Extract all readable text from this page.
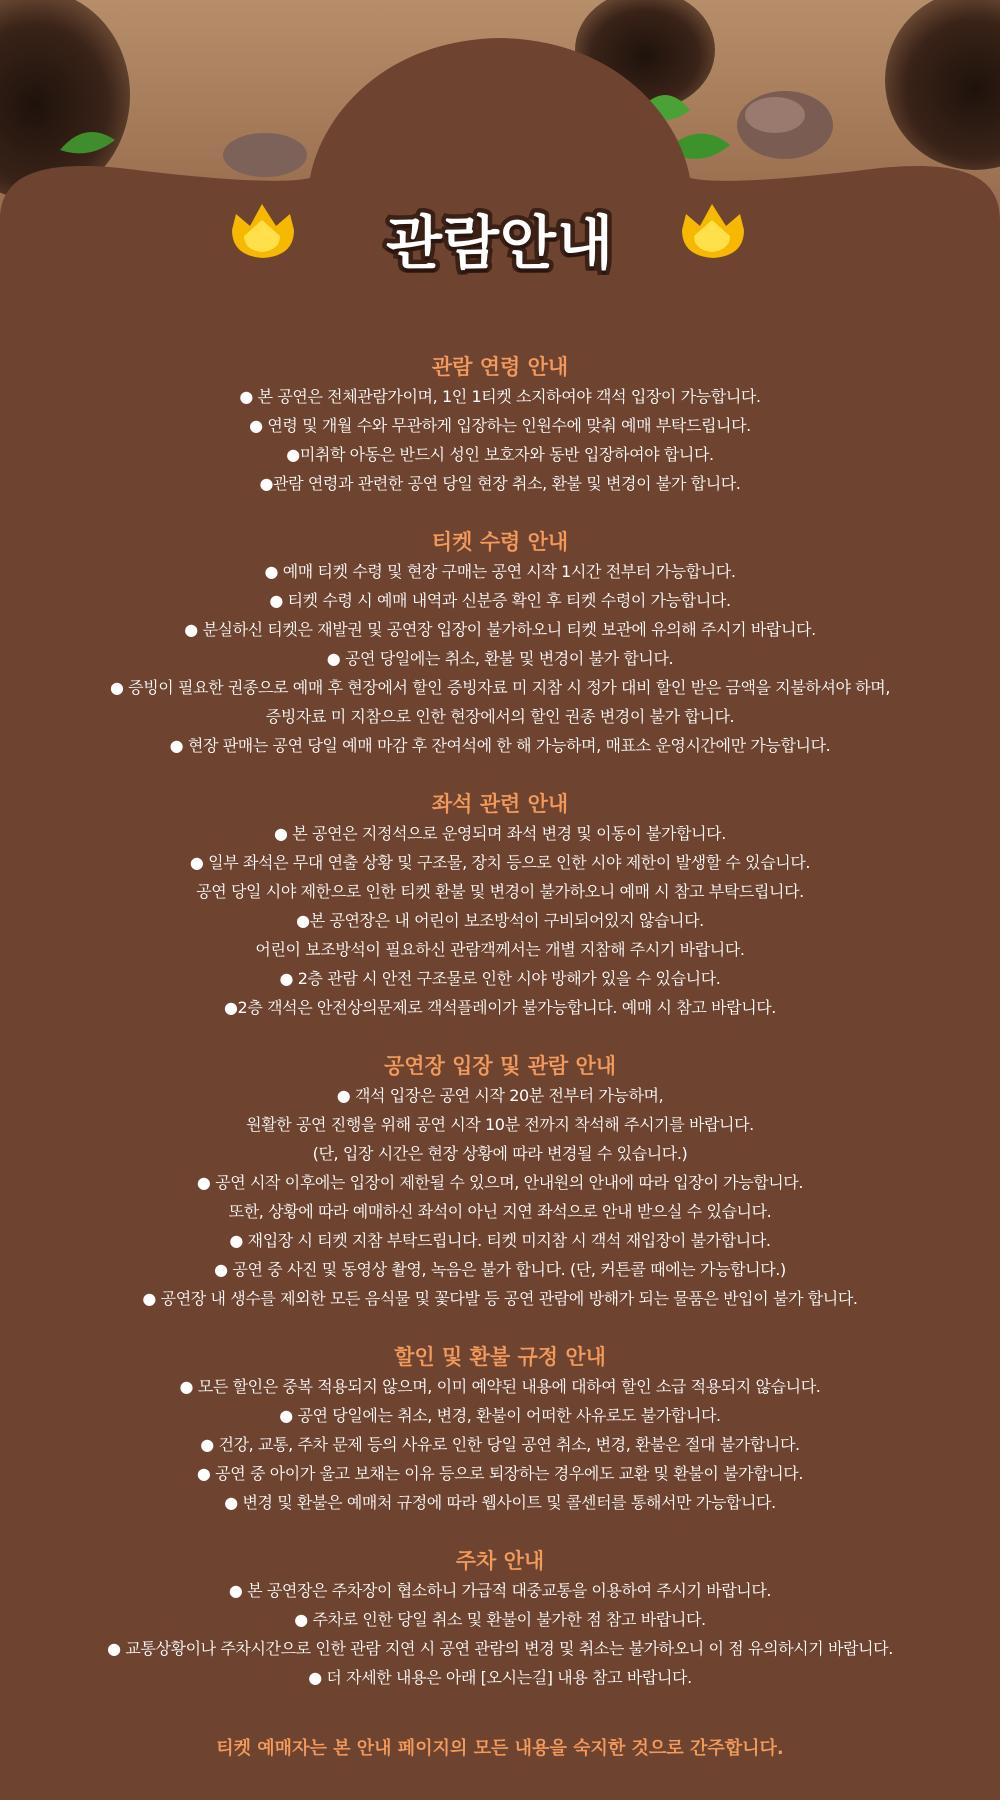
관람안내
관람 연령 안내
● 본 공연은 전체관람가이며, 1인 1티켓 소지하여야 객석 입장이 가능합니다.
● 연령 및 개월 수와 무관하게 입장하는 인원수에 맞춰 예매 부탁드립니다.
●미취학 아동은 반드시 성인 보호자와 동반 입장하여야 합니다.
●관람 연령과 관련한 공연 당일 현장 취소, 환불 및 변경이 불가 합니다.
티켓 수령 안내
● 예매 티켓 수령 및 현장 구매는 공연 시작 1시간 전부터 가능합니다.
● 티켓 수령 시 예매 내역과 신분증 확인 후 티켓 수령이 가능합니다.
● 분실하신 티켓은 재발권 및 공연장 입장이 불가하오니 티켓 보관에 유의해 주시기 바랍니다.
● 공연 당일에는 취소, 환불 및 변경이 불가 합니다.
● 증빙이 필요한 권종으로 예매 후 현장에서 할인 증빙자료 미 지참 시 정가 대비 할인 받은 금액을 지불하셔야 하며,
증빙자료 미 지참으로 인한 현장에서의 할인 권종 변경이 불가 합니다.
● 현장 판매는 공연 당일 예매 마감 후 잔여석에 한 해 가능하며, 매표소 운영시간에만 가능합니다.
좌석 관련 안내
● 본 공연은 지정석으로 운영되며 좌석 변경 및 이동이 불가합니다.
● 일부 좌석은 무대 연출 상황 및 구조물, 장치 등으로 인한 시야 제한이 발생할 수 있습니다.
공연 당일 시야 제한으로 인한 티켓 환불 및 변경이 불가하오니 예매 시 참고 부탁드립니다.
●본 공연장은 내 어린이 보조방석이 구비되어있지 않습니다.
어린이 보조방석이 필요하신 관람객께서는 개별 지참해 주시기 바랍니다.
● 2층 관람 시 안전 구조물로 인한 시야 방해가 있을 수 있습니다.
●2층 객석은 안전상의문제로 객석플레이가 불가능합니다. 예매 시 참고 바랍니다.
공연장 입장 및 관람 안내
● 객석 입장은 공연 시작 20분 전부터 가능하며,
원활한 공연 진행을 위해 공연 시작 10분 전까지 착석해 주시기를 바랍니다.
(단, 입장 시간은 현장 상황에 따라 변경될 수 있습니다.)
● 공연 시작 이후에는 입장이 제한될 수 있으며, 안내원의 안내에 따라 입장이 가능합니다.
또한, 상황에 따라 예매하신 좌석이 아닌 지연 좌석으로 안내 받으실 수 있습니다.
● 재입장 시 티켓 지참 부탁드립니다. 티켓 미지참 시 객석 재입장이 불가합니다.
● 공연 중 사진 및 동영상 촬영, 녹음은 불가 합니다. (단, 커튼콜 때에는 가능합니다.)
● 공연장 내 생수를 제외한 모든 음식물 및 꽃다발 등 공연 관람에 방해가 되는 물품은 반입이 불가 합니다.
할인 및 환불 규정 안내
● 모든 할인은 중복 적용되지 않으며, 이미 예약된 내용에 대하여 할인 소급 적용되지 않습니다.
● 공연 당일에는 취소, 변경, 환불이 어떠한 사유로도 불가합니다.
● 건강, 교통, 주차 문제 등의 사유로 인한 당일 공연 취소, 변경, 환불은 절대 불가합니다.
● 공연 중 아이가 울고 보채는 이유 등으로 퇴장하는 경우에도 교환 및 환불이 불가합니다.
● 변경 및 환불은 예매처 규정에 따라 웹사이트 및 콜센터를 통해서만 가능합니다.
주차 안내
● 본 공연장은 주차장이 협소하니 가급적 대중교통을 이용하여 주시기 바랍니다.
● 주차로 인한 당일 취소 및 환불이 불가한 점 참고 바랍니다.
● 교통상황이나 주차시간으로 인한 관람 지연 시 공연 관람의 변경 및 취소는 불가하오니 이 점 유의하시기 바랍니다.
● 더 자세한 내용은 아래 [오시는길] 내용 참고 바랍니다.
티켓 예매자는 본 안내 페이지의 모든 내용을 숙지한 것으로 간주합니다.
